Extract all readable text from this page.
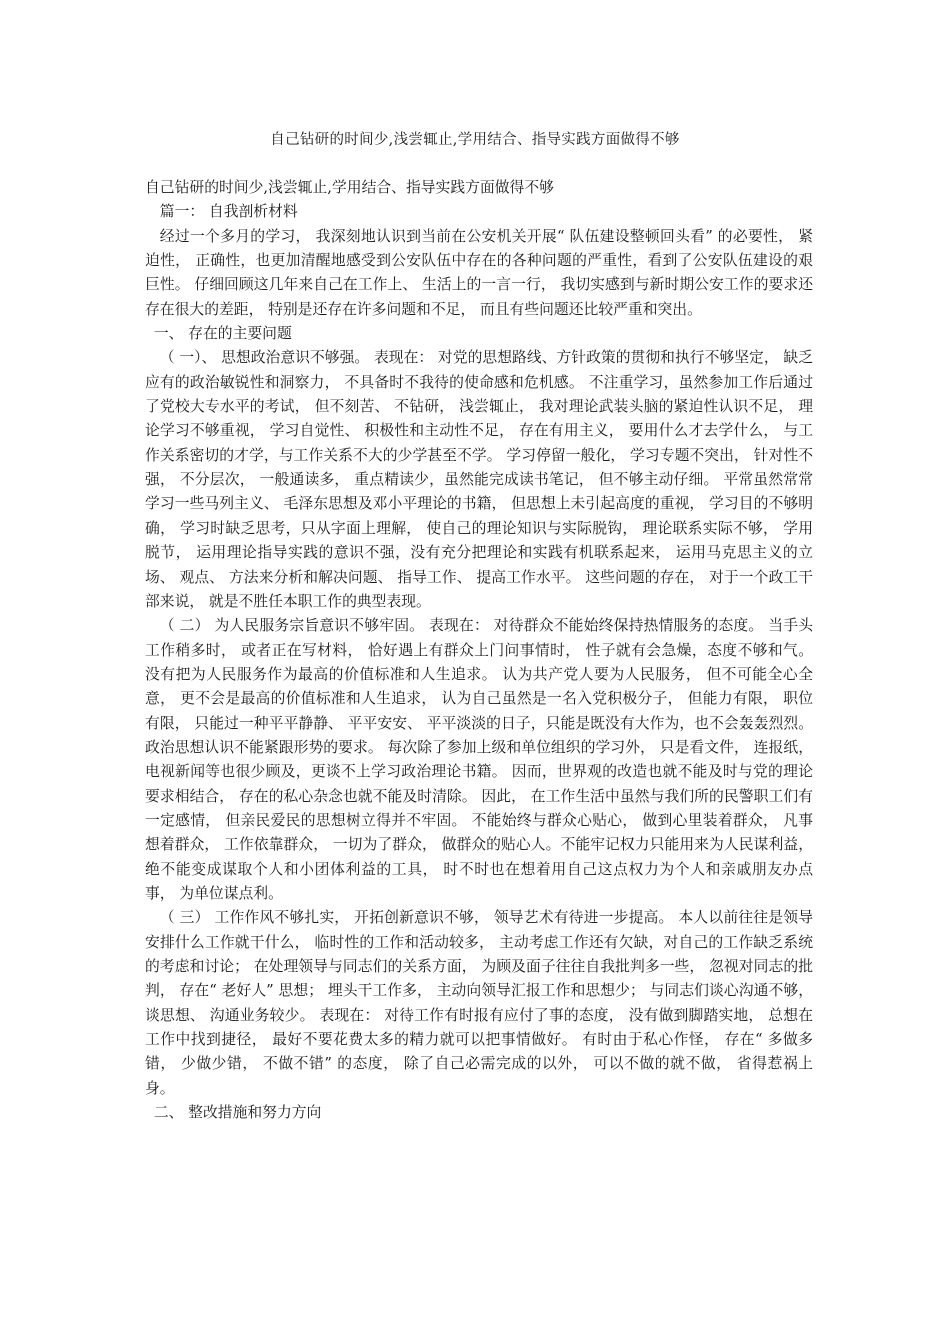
自己钻研的时间少,浅尝辄止,学用结合、指导实践方面做得不够

自己钻研的时间少,浅尝辄止,学用结合、指导实践方面做得不够

篇一： 自我剖析材料

经过一个多月的学习， 我深刻地认识到当前在公安机关开展“ 队伍建设整顿回头看” 的必要性， 紧迫性， 正确性，也更加清醒地感受到公安队伍中存在的各种问题的严重性，看到了公安队伍建设的艰巨性。 仔细回顾这几年来自己在工作上、 生活上的一言一行， 我切实感到与新时期公安工作的要求还存在很大的差距， 特别是还存在许多问题和不足， 而且有些问题还比较严重和突出。

一、 存在的主要问题

（ 一）、 思想政治意识不够强。 表现在： 对党的思想路线、方针政策的贯彻和执行不够坚定， 缺乏应有的政治敏锐性和洞察力， 不具备时不我待的使命感和危机感。 不注重学习，虽然参加工作后通过了党校大专水平的考试， 但不刻苦、 不钻研， 浅尝辄止， 我对理论武装头脑的紧迫性认识不足， 理论学习不够重视， 学习自觉性、 积极性和主动性不足， 存在有用主义， 要用什么才去学什么， 与工作关系密切的才学，与工作关系不大的少学甚至不学。 学习停留一般化， 学习专题不突出， 针对性不强， 不分层次， 一般通读多， 重点精读少，虽然能完成读书笔记， 但不够主动仔细。 平常虽然常常学习一些马列主义、 毛泽东思想及邓小平理论的书籍， 但思想上未引起高度的重视， 学习目的不够明确， 学习时缺乏思考，只从字面上理解， 使自己的理论知识与实际脱钩， 理论联系实际不够， 学用脱节， 运用理论指导实践的意识不强，没有充分把理论和实践有机联系起来， 运用马克思主义的立场、 观点、 方法来分析和解决问题、 指导工作、 提高工作水平。 这些问题的存在， 对于一个政工干部来说， 就是不胜任本职工作的典型表现。

（ 二） 为人民服务宗旨意识不够牢固。 表现在： 对待群众不能始终保持热情服务的态度。 当手头工作稍多时， 或者正在写材料， 恰好遇上有群众上门问事情时， 性子就有会急燥，态度不够和气。 没有把为人民服务作为最高的价值标准和人生追求。 认为共产党人要为人民服务， 但不可能全心全意， 更不会是最高的价值标准和人生追求， 认为自己虽然是一名入党积极分子， 但能力有限， 职位有限， 只能过一种平平静静、 平平安安、 平平淡淡的日子，只能是既没有大作为，也不会轰轰烈烈。 政治思想认识不能紧跟形势的要求。 每次除了参加上级和单位组织的学习外， 只是看文件， 连报纸，电视新闻等也很少顾及，更谈不上学习政治理论书籍。 因而，世界观的改造也就不能及时与党的理论要求相结合， 存在的私心杂念也就不能及时清除。 因此， 在工作生活中虽然与我们所的民警职工们有一定感情， 但亲民爱民的思想树立得并不牢固。 不能始终与群众心贴心， 做到心里装着群众， 凡事想着群众， 工作依靠群众， 一切为了群众， 做群众的贴心人。不能牢记权力只能用来为人民谋利益， 绝不能变成谋取个人和小团体利益的工具， 时不时也在想着用自己这点权力为个人和亲戚朋友办点事， 为单位谋点利。

（ 三） 工作作风不够扎实， 开拓创新意识不够， 领导艺术有待进一步提高。 本人以前往往是领导安排什么工作就干什么， 临时性的工作和活动较多， 主动考虑工作还有欠缺，对自己的工作缺乏系统的考虑和讨论； 在处理领导与同志们的关系方面， 为顾及面子往往自我批判多一些， 忽视对同志的批判， 存在“ 老好人” 思想； 埋头干工作多， 主动向领导汇报工作和思想少； 与同志们谈心沟通不够， 谈思想、 沟通业务较少。 表现在： 对待工作有时报有应付了事的态度， 没有做到脚踏实地， 总想在工作中找到捷径， 最好不要花费太多的精力就可以把事情做好。 有时由于私心作怪， 存在“ 多做多错， 少做少错， 不做不错” 的态度， 除了自己必需完成的以外， 可以不做的就不做， 省得惹祸上身。

二、 整改措施和努力方向
